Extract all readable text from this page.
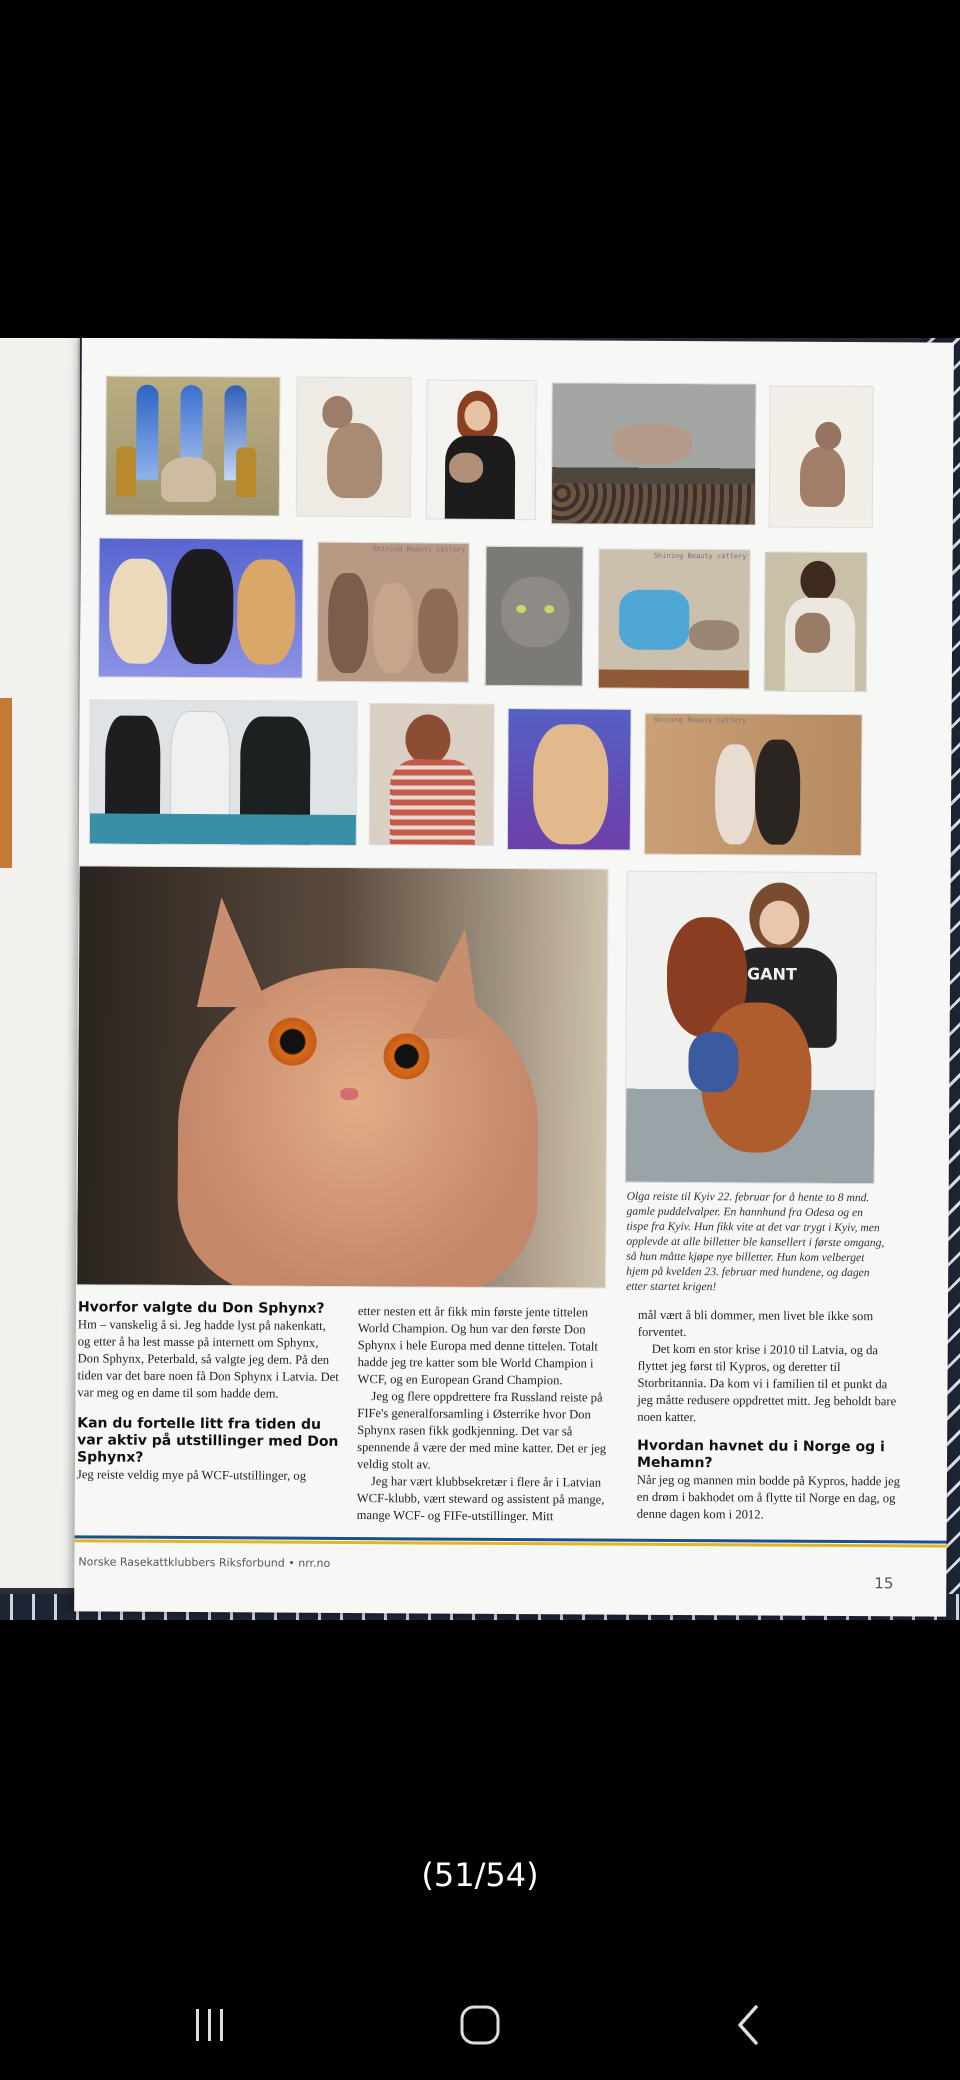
Shining Beauty cattery
Shining Beauty cattery
Shining Beauty cattery
GANT
Olga reiste til Kyiv 22. februar for å hente to 8 mnd. gamle puddelvalper. En hannhund fra Odesa og en tispe fra Kyiv. Hun fikk vite at det var trygt i Kyiv, men opplevde at alle billetter ble kansellert i første omgang, så hun måtte kjøpe nye billetter. Hun kom velberget hjem på kvelden 23. februar med hundene, og dagen etter startet krigen!
Hvorfor valgte du Don Sphynx?

Hm – vanskelig å si. Jeg hadde lyst på nakenkatt, og etter å ha lest masse på internett om Sphynx, Don Sphynx, Peterbald, så valgte jeg dem. På den tiden var det bare noen få Don Sphynx i Latvia. Det var meg og en dame til som hadde dem.

Kan du fortelle litt fra tiden du var aktiv på utstillinger med Don Sphynx?

Jeg reiste veldig mye på WCF-utstillinger, og

etter nesten ett år fikk min første jente tittelen World Champion. Og hun var den første Don Sphynx i hele Europa med denne tittelen. Totalt hadde jeg tre katter som ble World Champion i WCF, og en European Grand Champion.

Jeg og flere oppdrettere fra Russland reiste på FIFe's generalforsamling i Østerrike hvor Don Sphynx rasen fikk godkjenning. Det var så spennende å være der med mine katter. Det er jeg veldig stolt av.

Jeg har vært klubbsekretær i flere år i Latvian WCF-klubb, vært steward og assistent på mange, mange WCF- og FIFe-utstillinger. Mitt

mål vært å bli dommer, men livet ble ikke som forventet.

Det kom en stor krise i 2010 til Latvia, og da flyttet jeg først til Kypros, og deretter til Storbritannia. Da kom vi i familien til et punkt da jeg måtte redusere oppdrettet mitt. Jeg beholdt bare noen katter.

Hvordan havnet du i Norge og i Mehamn?

Når jeg og mannen min bodde på Kypros, hadde jeg en drøm i bakhodet om å flytte til Norge en dag, og denne dagen kom i 2012.

Norske Rasekattklubbers Riksforbund • nrr.no
15
(51/54)
